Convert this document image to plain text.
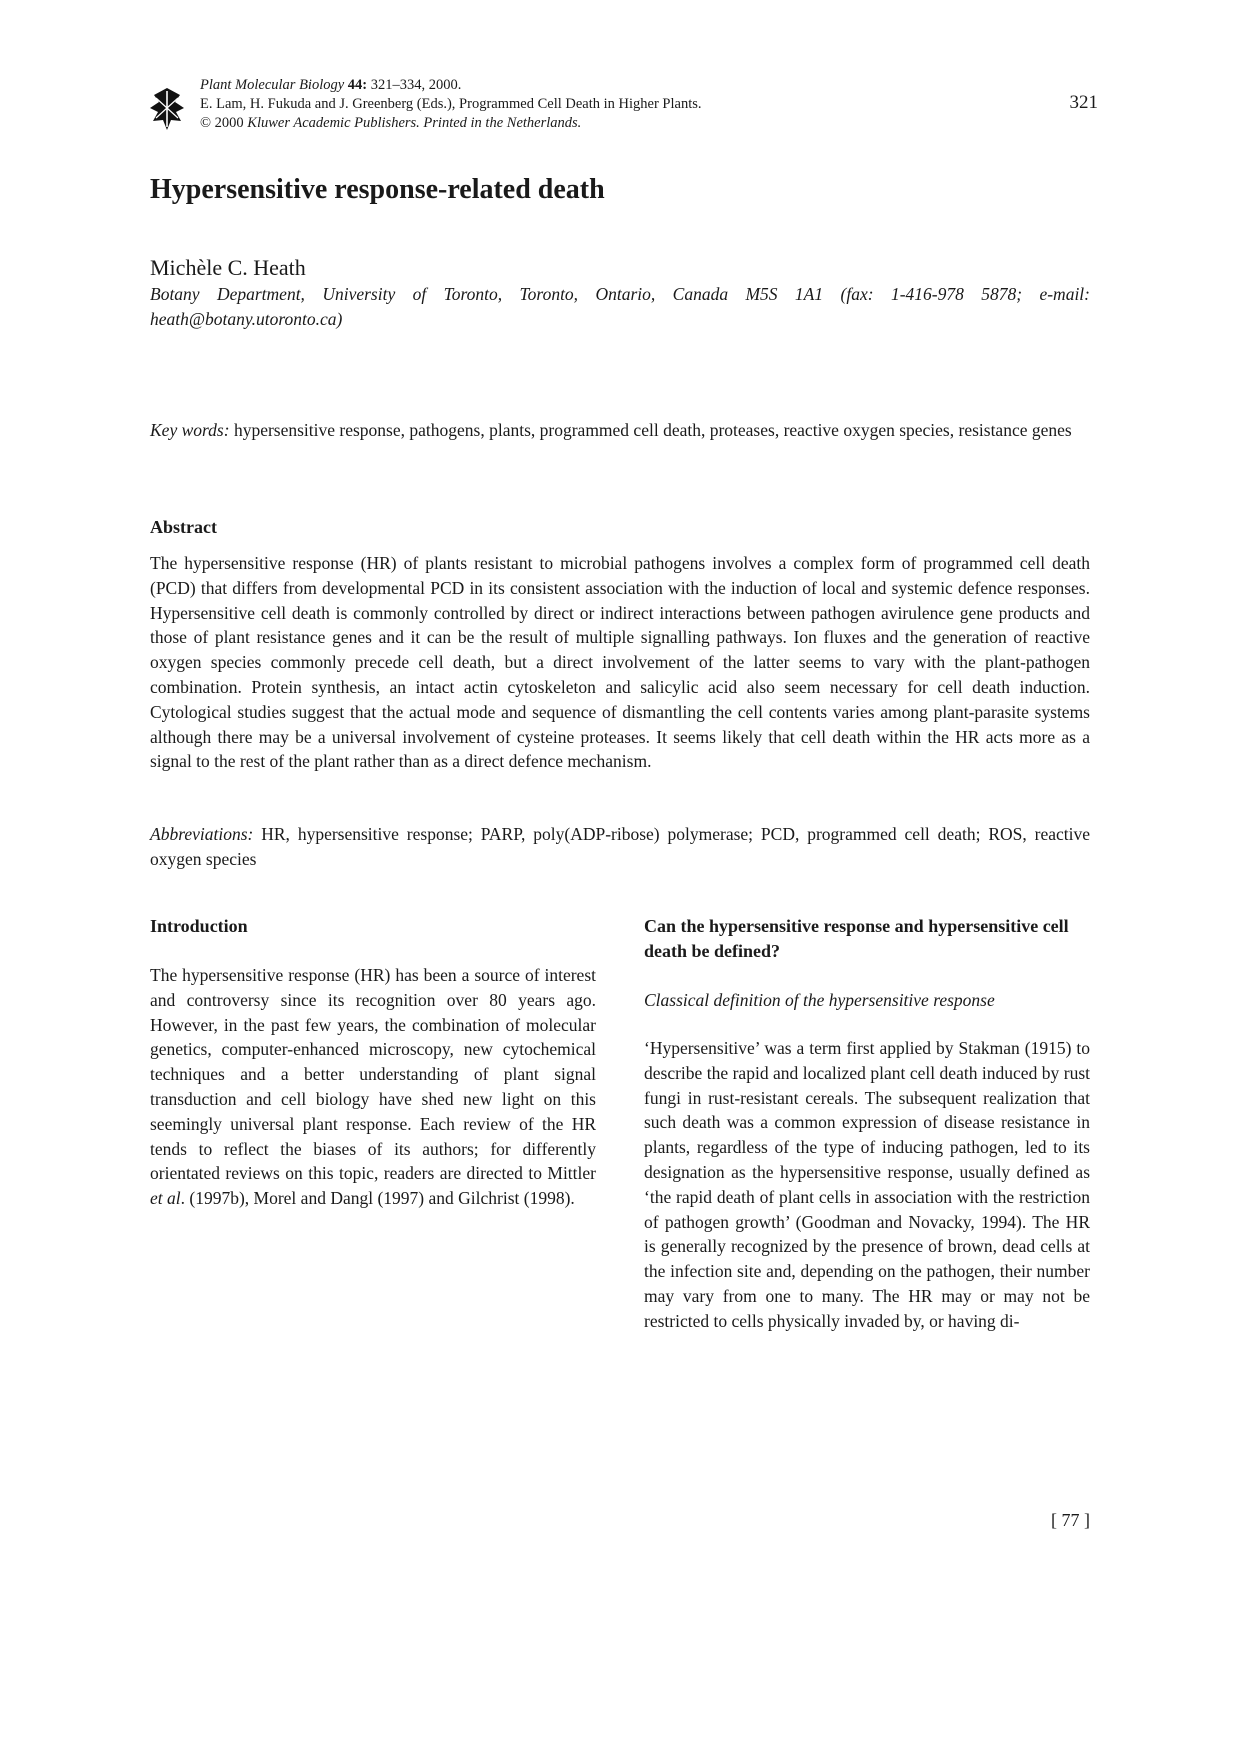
Plant Molecular Biology 44: 321–334, 2000.
E. Lam, H. Fukuda and J. Greenberg (Eds.), Programmed Cell Death in Higher Plants.
© 2000 Kluwer Academic Publishers. Printed in the Netherlands.
321
Hypersensitive response-related death
Michèle C. Heath
Botany Department, University of Toronto, Toronto, Ontario, Canada M5S 1A1 (fax: 1-416-978 5878; e-mail: heath@botany.utoronto.ca)
Key words: hypersensitive response, pathogens, plants, programmed cell death, proteases, reactive oxygen species, resistance genes
Abstract
The hypersensitive response (HR) of plants resistant to microbial pathogens involves a complex form of programmed cell death (PCD) that differs from developmental PCD in its consistent association with the induction of local and systemic defence responses. Hypersensitive cell death is commonly controlled by direct or indirect interactions between pathogen avirulence gene products and those of plant resistance genes and it can be the result of multiple signalling pathways. Ion fluxes and the generation of reactive oxygen species commonly precede cell death, but a direct involvement of the latter seems to vary with the plant-pathogen combination. Protein synthesis, an intact actin cytoskeleton and salicylic acid also seem necessary for cell death induction. Cytological studies suggest that the actual mode and sequence of dismantling the cell contents varies among plant-parasite systems although there may be a universal involvement of cysteine proteases. It seems likely that cell death within the HR acts more as a signal to the rest of the plant rather than as a direct defence mechanism.
Abbreviations: HR, hypersensitive response; PARP, poly(ADP-ribose) polymerase; PCD, programmed cell death; ROS, reactive oxygen species
Introduction

The hypersensitive response (HR) has been a source of interest and controversy since its recognition over 80 years ago. However, in the past few years, the combination of molecular genetics, computer-enhanced microscopy, new cytochemical techniques and a better understanding of plant signal transduction and cell biology have shed new light on this seemingly universal plant response. Each review of the HR tends to reflect the biases of its authors; for differently orientated reviews on this topic, readers are directed to Mittler et al. (1997b), Morel and Dangl (1997) and Gilchrist (1998).

Can the hypersensitive response and hypersensitive cell death be defined?
Classical definition of the hypersensitive response

‘Hypersensitive’ was a term first applied by Stakman (1915) to describe the rapid and localized plant cell death induced by rust fungi in rust-resistant cereals. The subsequent realization that such death was a common expression of disease resistance in plants, regardless of the type of inducing pathogen, led to its designation as the hypersensitive response, usually defined as ‘the rapid death of plant cells in association with the restriction of pathogen growth’ (Goodman and Novacky, 1994). The HR is generally recognized by the presence of brown, dead cells at the infection site and, depending on the pathogen, their number may vary from one to many. The HR may or may not be restricted to cells physically invaded by, or having di-

[ 77 ]
